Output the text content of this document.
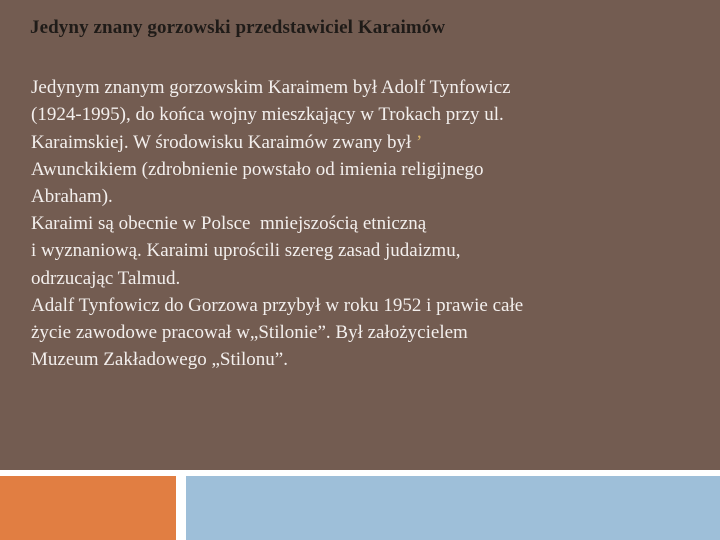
Jedyny znany gorzowski przedstawiciel Karaimów
Jedynym znanym gorzowskim Karaimem był Adolf Tynfowicz
(1924-1995), do końca wojny mieszkający w Trokach przy ul.
Karaimskiej. W środowisku Karaimów zwany był ’
Awunckikiem (zdrobnienie powstało od imienia religijnego
Abraham).
Karaimi są obecnie w Polsce  mniejszością etniczną
i wyznaniową. Karaimi uprościli szereg zasad judaizmu,
odrzucając Talmud.
Adalf Tynfowicz do Gorzowa przybył w roku 1952 i prawie całe
życie zawodowe pracował w„Stilonie”. Był założycielem
Muzeum Zakładowego „Stilonu”.
